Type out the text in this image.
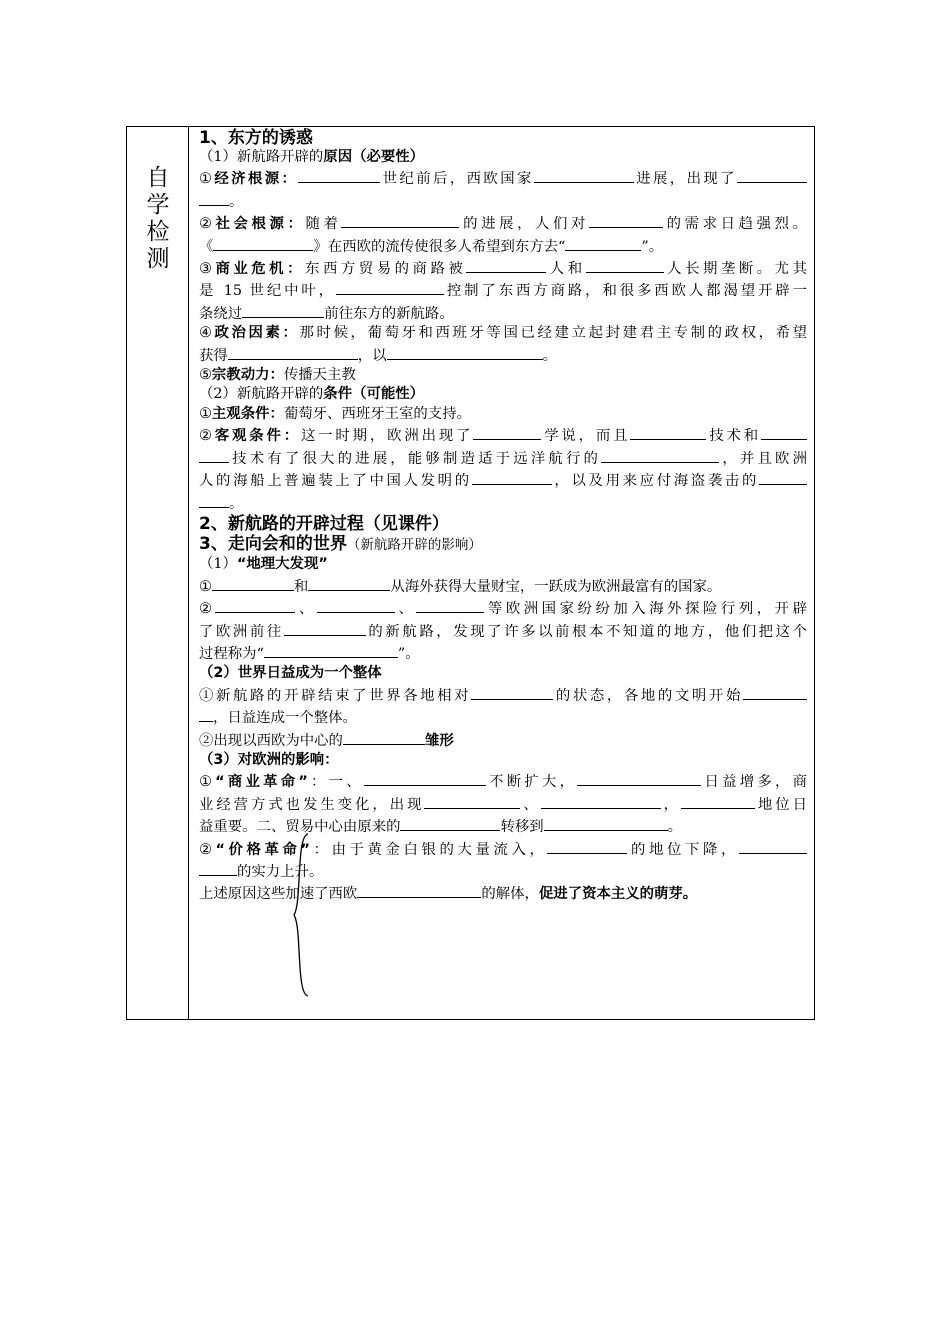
自
学
检
测
1、东方的诱惑
（1）新航路开辟的原因（必要性）
①经济根源：	世纪前后，西欧国家	进展，出现了
。
②社会根源：随着	的进展，人们对	的需求日趋强烈。
《	》在西欧的流传使很多人希望到东方去“	”。
③商业危机：东西方贸易的商路被	人和	人长期垄断。尤其
是 15 世纪中叶，	控制了东西方商路，和很多西欧人都渴望开辟一
条绕过	前往东方的新航路。
④政治因素：那时候，葡萄牙和西班牙等国已经建立起封建君主专制的政权，希望
获得	，以	。
⑤宗教动力：传播天主教
（2）新航路开辟的条件（可能性）
①主观条件：葡萄牙、西班牙王室的支持。
②客观条件：这一时期，欧洲出现了	学说，而且	技术和
技术有了很大的进展，能够制造适于远洋航行的	，并且欧洲
人的海船上普遍装上了中国人发明的	，以及用来应付海盗袭击的
。
2、新航路的开辟过程（见课件）
3、走向会和的世界（新航路开辟的影响）
（1）“地理大发现”
①	和	从海外获得大量财宝，一跃成为欧洲最富有的国家。
②	、	、	等欧洲国家纷纷加入海外探险行列，开辟
了欧洲前往	的新航路，发现了许多以前根本不知道的地方，他们把这个
过程称为“	”。
（2）世界日益成为一个整体
①新航路的开辟结束了世界各地相对	的状态，各地的文明开始
，日益连成一个整体。
②出现以西欧为中心的	雏形
（3）对欧洲的影响：
①“商业革命”：一、	不断扩大，	日益增多，商
业经营方式也发生变化，出现	、	，	地位日
益重要。二、贸易中心由原来的	转移到	。
②“价格革命”：由于黄金白银的大量流入，	的地位下降，
的实力上升。
上述原因这些加速了西欧	的解体，促进了资本主义的萌芽。
